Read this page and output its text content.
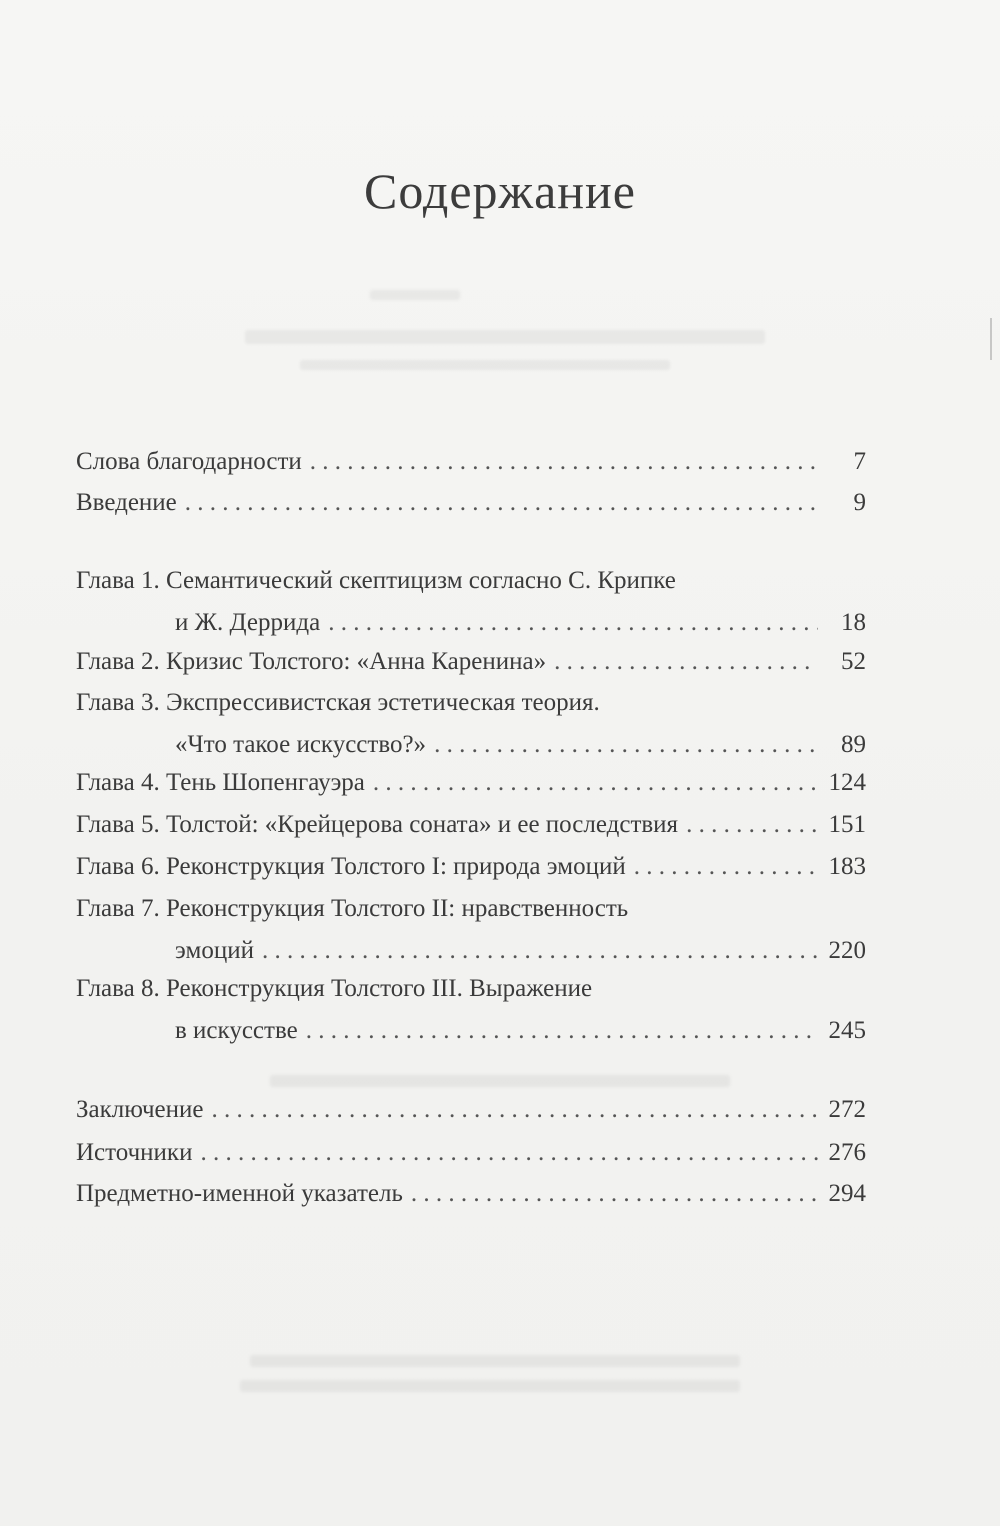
Содержание
Слова благодарности . . .	7
Введение . . .	9
Глава 1. Семантический скептицизм согласно С. Крипке
и Ж. Деррида . . .	18
Глава 2. Кризис Толстого: «Анна Каренина» . . .	52
Глава 3. Экспрессивистская эстетическая теория.
«Что такое искусство?» . . .	89
Глава 4. Тень Шопенгауэра . . .	124
Глава 5. Толстой: «Крейцерова соната» и ее последствия . . .	151
Глава 6. Реконструкция Толстого I: природа эмоций . . .	183
Глава 7. Реконструкция Толстого II: нравственность
эмоций . . .	220
Глава 8. Реконструкция Толстого III. Выражение
в искусстве . . .	245
Заключение . . .	272
Источники . . .	276
Предметно-именной указатель . . .	294
